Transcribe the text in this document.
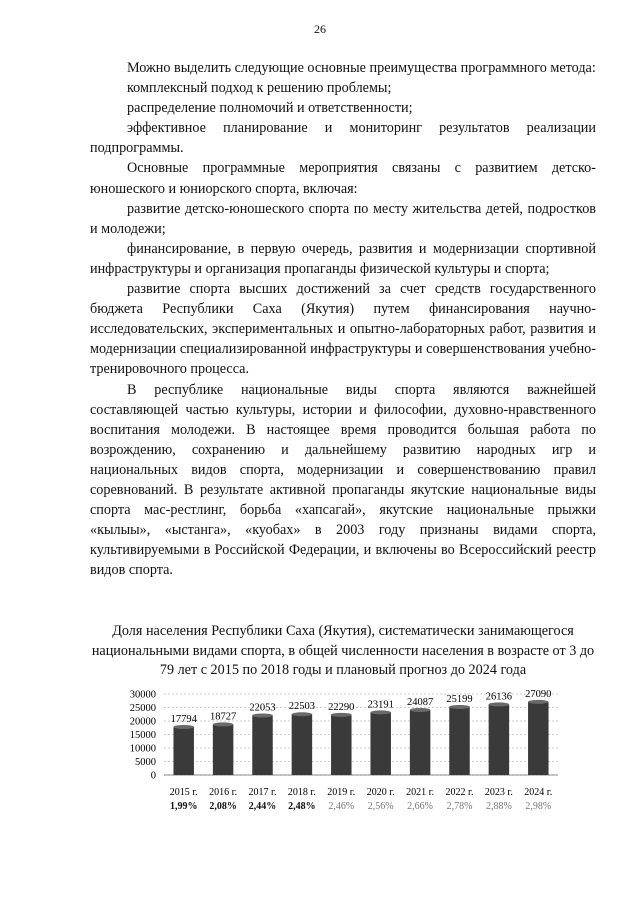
26

Можно выделить следующие основные преимущества программного метода:

комплексный подход к решению проблемы;

распределение полномочий и ответственности;

эффективное планирование и мониторинг результатов реализации подпрограммы.

Основные программные мероприятия связаны с развитием детско-юношеского и юниорского спорта, включая:

развитие детско-юношеского спорта по месту жительства детей, подростков и молодежи;

финансирование, в первую очередь, развития и модернизации спортивной инфраструктуры и организация пропаганды физической культуры и спорта;

развитие спорта высших достижений за счет средств государственного бюджета Республики Саха (Якутия) путем финансирования научно-исследовательских, экспериментальных и опытно-лабораторных работ, развития и модернизации специализированной инфраструктуры и совершенствования учебно-тренировочного процесса.

В республике национальные виды спорта являются важнейшей составляющей частью культуры, истории и философии, духовно-нравственного воспитания молодежи. В настоящее время проводится большая работа по возрождению, сохранению и дальнейшему развитию народных игр и национальных видов спорта, модернизации и совершенствованию правил соревнований. В результате активной пропаганды якутские национальные виды спорта мас-рестлинг, борьба «хапсагай», якутские национальные прыжки «кылыы», «ыстанга», «куобах» в 2003 году признаны видами спорта, культивируемыми в Российской Федерации, и включены во Всероссийский реестр видов спорта.

Доля населения Республики Саха (Якутия), систематически занимающегося национальными видами спорта, в общей численности населения в возрасте от 3 до 79 лет с 2015 по 2018 годы и плановый прогноз до 2024 года
0
5000
10000
15000
20000
25000
30000
17794
2015 г.
1,99%
18727
2016 г.
2,08%
22053
2017 г.
2,44%
22503
2018 г.
2,48%
22290
2019 г.
2,46%
23191
2020 г.
2,56%
24087
2021 г.
2,66%
25199
2022 г.
2,78%
26136
2023 г.
2,88%
27090
2024 г.
2,98%
